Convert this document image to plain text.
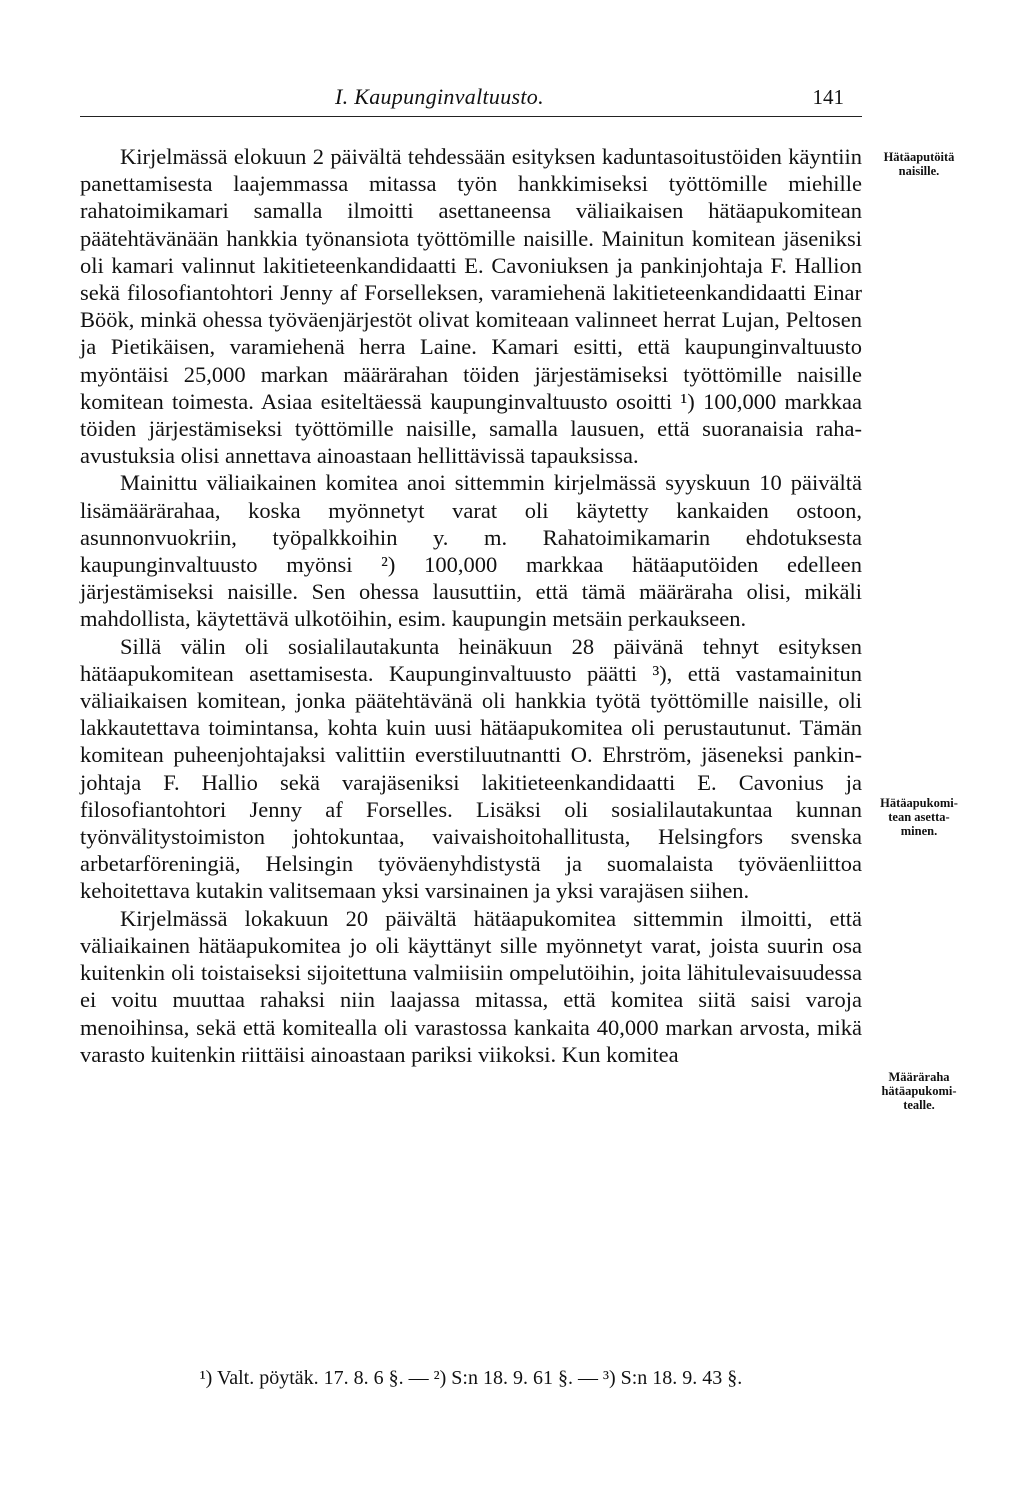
I. Kaupunginvaltuusto.	141

Kirjelmässä elokuun 2 päivältä tehdessään esityksen kaduntasoitustöiden käyntiin panettamisesta laajemmassa mitassa työn hankkimiseksi työttömille miehille rahatoimikamari samalla ilmoitti asettaneensa väliaikaisen hätäapukomitean päätehtävänään hankkia työnansiota työttömille naisille. Mainitun komitean jäseniksi oli kamari valinnut lakitieteenkandidaatti E. Cavoniuksen ja pankinjohtaja F. Hallion sekä filosofiantohtori Jenny af Forselleksen, varamiehenä lakitieteenkandidaatti Einar Böök, minkä ohessa työväenjärjestöt olivat komiteaan valinneet herrat Lujan, Peltosen ja Pietikäisen, varamiehenä herra Laine. Kamari esitti, että kaupunginvaltuusto myöntäisi 25,000 markan määrärahan töiden järjestämiseksi työttömille naisille komitean toimesta. Asiaa esiteltäessä kaupunginvaltuusto osoitti ¹) 100,000 markkaa töiden järjestämiseksi työttömille naisille, samalla lausuen, että suoranaisia raha-avustuksia olisi annettava ainoastaan hellittävissä tapauksissa.

Mainittu väliaikainen komitea anoi sittemmin kirjelmässä syyskuun 10 päivältä lisämäärärahaa, koska myönnetyt varat oli käytetty kankaiden ostoon, asunnonvuokriin, työpalkkoihin y. m. Rahatoimikamarin ehdotuksesta kaupunginvaltuusto myönsi ²) 100,000 markkaa hätäaputöiden edelleen järjestämiseksi naisille. Sen ohessa lausuttiin, että tämä määräraha olisi, mikäli mahdollista, käytettävä ulkotöihin, esim. kaupungin metsäin perkaukseen.

Sillä välin oli sosialilautakunta heinäkuun 28 päivänä tehnyt esityksen hätäapukomitean asettamisesta. Kaupunginvaltuusto päätti ³), että vastamainitun väliaikaisen komitean, jonka päätehtävänä oli hankkia työtä työttömille naisille, oli lakkautettava toimintansa, kohta kuin uusi hätäapukomitea oli perustautunut. Tämän komitean puheenjohtajaksi valittiin everstiluutnantti O. Ehrström, jäseneksi pankinjohtaja F. Hallio sekä varajäseniksi lakitieteenkandidaatti E. Cavonius ja filosofiantohtori Jenny af Forselles. Lisäksi oli sosialilautakuntaa kunnan työnvälitystoimiston johtokuntaa, vaivaishoitohallitusta, Helsingfors svenska arbetarföreningiä, Helsingin työväenyhdistystä ja suomalaista työväenliittoa kehoitettava kutakin valitsemaan yksi varsinainen ja yksi varajäsen siihen.

Kirjelmässä lokakuun 20 päivältä hätäapukomitea sittemmin ilmoitti, että väliaikainen hätäapukomitea jo oli käyttänyt sille myönnetyt varat, joista suurin osa kuitenkin oli toistaiseksi sijoitettuna valmiisiin ompelutöihin, joita lähitulevaisuudessa ei voitu muuttaa rahaksi niin laajassa mitassa, että komitea siitä saisi varoja menoihinsa, sekä että komitealla oli varastossa kankaita 40,000 markan arvosta, mikä varasto kuitenkin riittäisi ainoastaan pariksi viikoksi. Kun komitea

Hätäaputöitä naisille.
Hätäapukomitean asettaminen.
Määräraha hätäapukomitealle.
¹) Valt. pöytäk. 17. 8. 6 §. — ²) S:n 18. 9. 61 §. — ³) S:n 18. 9. 43 §.
